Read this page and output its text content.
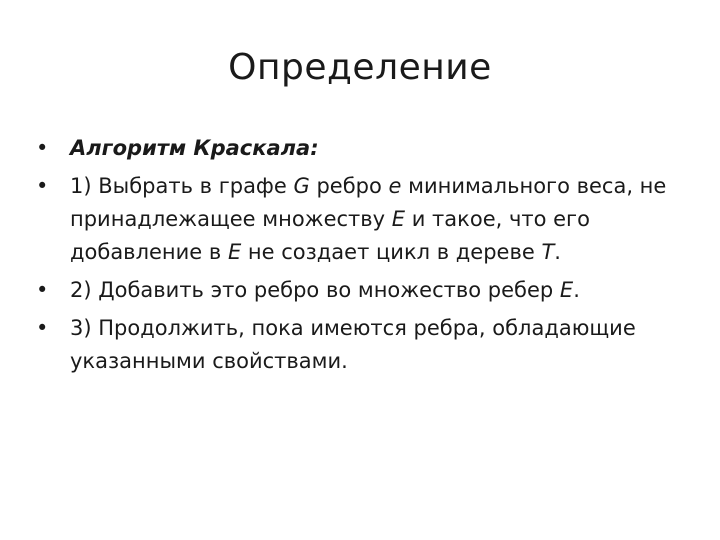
Определение
•	Алгоритм Краскала:
•	1) Выбрать в графе G ребро e минимального веса, не принадлежащее множеству E и такое, что его добавление в E не создает цикл в дереве T.
•	2) Добавить это ребро во множество ребер E.
•	3) Продолжить, пока имеются ребра, обладающие указанными свойствами.
